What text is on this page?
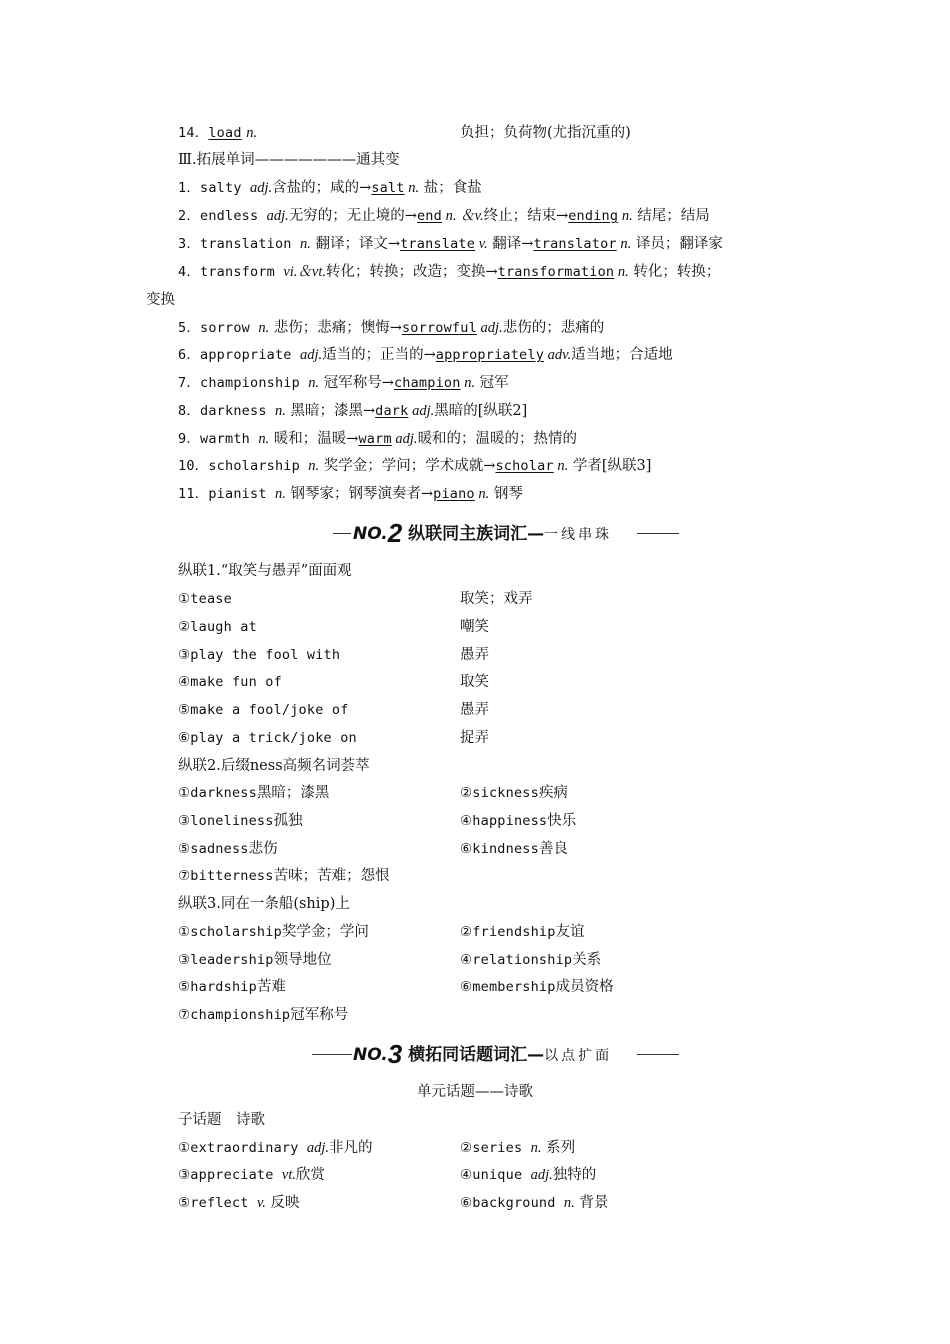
14．load n.	负担；负荷物(尤指沉重的)
Ⅲ.拓展单词———————通其变
1．salty adj.含盐的；咸的→salt n. 盐；食盐
2．endless adj.无穷的；无止境的→end n. ＆v.终止；结束→ending n. 结尾；结局
3．translation n. 翻译；译文→translate v. 翻译→translator n. 译员；翻译家
4．transform vi.＆vt.转化；转换；改造；变换→transformation n. 转化；转换；
变换
5．sorrow n. 悲伤；悲痛；懊悔→sorrowful adj.悲伤的；悲痛的
6．appropriate adj.适当的；正当的→appropriately adv.适当地；合适地
7．championship n. 冠军称号→champion n. 冠军
8．darkness n. 黑暗；漆黑→dark adj.黑暗的[纵联2]
9．warmth n. 暖和；温暖→warm adj.暖和的；温暖的；热情的
10．scholarship n. 奖学金；学问；学术成就→scholar n. 学者[纵联3]
11．pianist n. 钢琴家；钢琴演奏者→piano n. 钢琴
NO.2 纵联同主族词汇—一线串珠
纵联1.“取笑与愚弄”面面观
①tease	取笑；戏弄
②laugh at	嘲笑
③play the fool with	愚弄
④make fun of	取笑
⑤make a fool/joke of	愚弄
⑥play a trick/joke on	捉弄
纵联2.后缀ness高频名词荟萃
①darkness黑暗；漆黑	②sickness疾病
③loneliness孤独	④happiness快乐
⑤sadness悲伤	⑥kindness善良
⑦bitterness苦味；苦难；怨恨
纵联3.同在一条船(ship)上
①scholarship奖学金；学问	②friendship友谊
③leadership领导地位	④relationship关系
⑤hardship苦难	⑥membership成员资格
⑦championship冠军称号
NO.3 横拓同话题词汇—以点扩面
单元话题——诗歌
子话题　诗歌
①extraordinary adj.非凡的	②series n. 系列
③appreciate vt.欣赏	④unique adj.独特的
⑤reflect v. 反映	⑥background n. 背景
